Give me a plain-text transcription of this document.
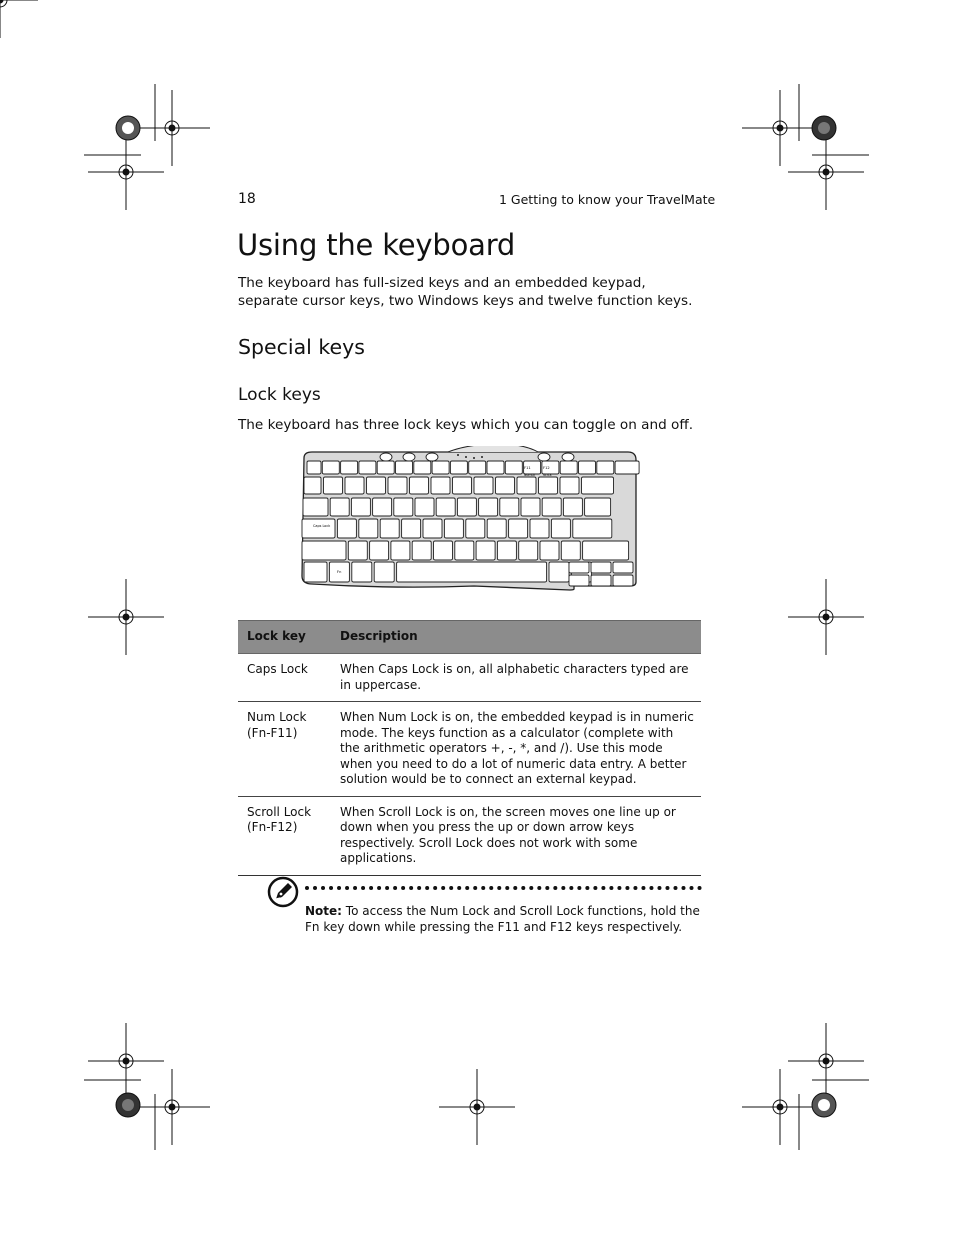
18	1 Getting to know your TravelMate
Using the keyboard

The keyboard has full-sized keys and an embedded keypad, separate cursor keys, two Windows keys and twelve function keys.

Special keys
Lock keys

The keyboard has three lock keys which you can toggle on and off.

F11
NumLk
F12
ScrLk
Caps Lock
Fn
Lock key	Description
Caps Lock	When Caps Lock is on, all alphabetic characters typed are in uppercase.
Num Lock (Fn-F11)	When Num Lock is on, the embedded keypad is in numeric mode. The keys function as a calculator (complete with the arithmetic operators +, -, *, and /). Use this mode when you need to do a lot of numeric data entry. A better solution would be to connect an external keypad.
Scroll Lock (Fn-F12)	When Scroll Lock is on, the screen moves one line up or down when you press the up or down arrow keys respectively. Scroll Lock does not work with some applications.

Note: To access the Num Lock and Scroll Lock functions, hold the Fn key down while pressing the F11 and F12 keys respectively.
